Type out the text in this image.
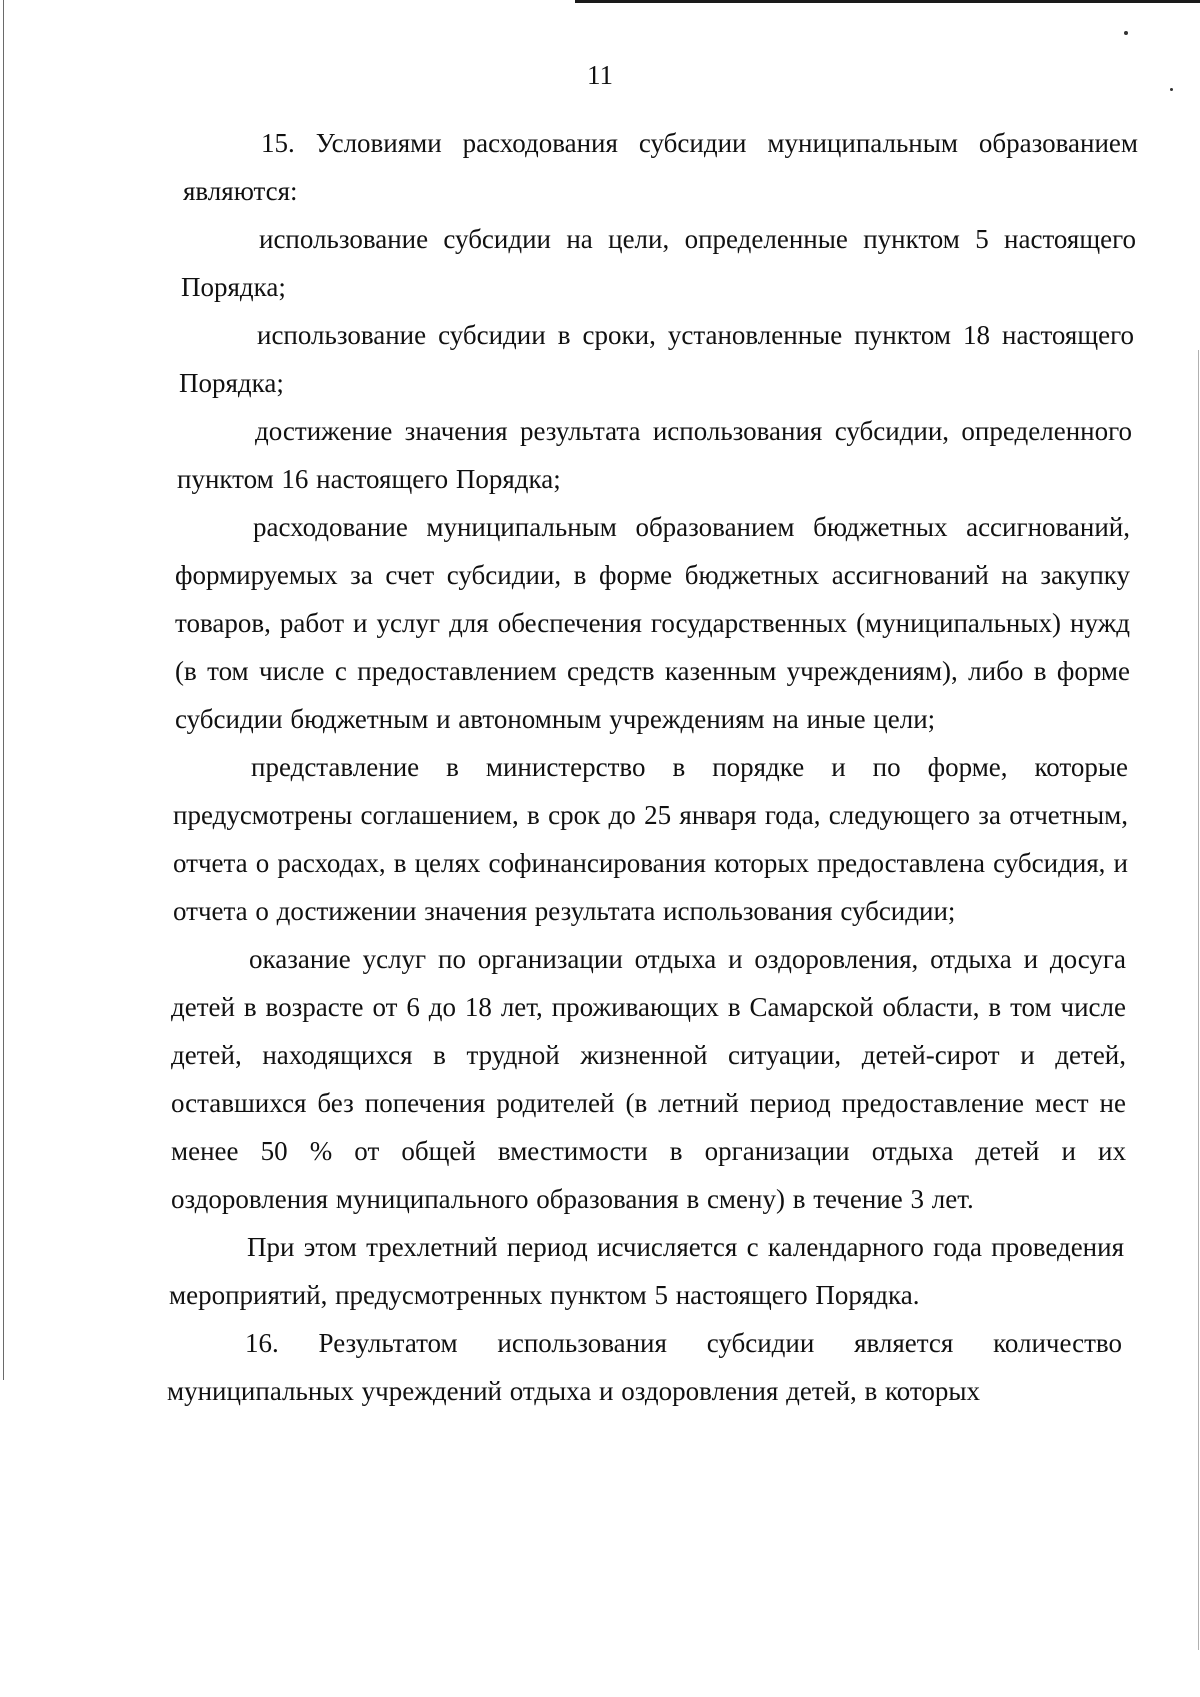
11

15. Условиями расходования субсидии муниципальным образованием являются:

использование субсидии на цели, определенные пунктом 5 настоящего Порядка;

использование субсидии в сроки, установленные пунктом 18 настоящего Порядка;

достижение значения результата использования субсидии, определенного пунктом 16 настоящего Порядка;

расходование муниципальным образованием бюджетных ассигнований, формируемых за счет субсидии, в форме бюджетных ассигнований на закупку товаров, работ и услуг для обеспечения государственных (муниципальных) нужд (в том числе с предоставлением средств казенным учреждениям), либо в форме субсидии бюджетным и автономным учреждениям на иные цели;

представление в министерство в порядке и по форме, которые предусмотрены соглашением, в срок до 25 января года, следующего за отчетным, отчета о расходах, в целях софинансирования которых предоставлена субсидия, и отчета о достижении значения результата использования субсидии;

оказание услуг по организации отдыха и оздоровления, отдыха и досуга детей в возрасте от 6 до 18 лет, проживающих в Самарской области, в том числе детей, находящихся в трудной жизненной ситуации, детей-сирот и детей, оставшихся без попечения родителей (в летний период предоставление мест не менее 50 % от общей вместимости в организации отдыха детей и их оздоровления муниципального образования в смену) в течение 3 лет.

При этом трехлетний период исчисляется с календарного года проведения мероприятий, предусмотренных пунктом 5 настоящего Порядка.

16. Результатом использования субсидии является количество муниципальных учреждений отдыха и оздоровления детей, в которых
